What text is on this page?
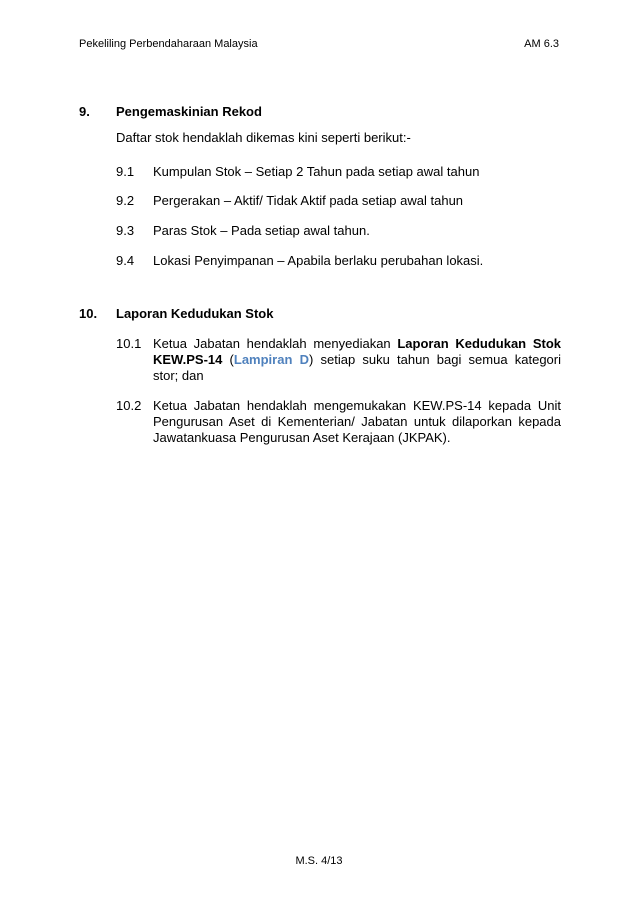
Pekeliling Perbendaharaan Malaysia	AM 6.3
9. Pengemaskinian Rekod
Daftar stok hendaklah dikemas kini seperti berikut:-
9.1 Kumpulan Stok – Setiap 2 Tahun pada setiap awal tahun
9.2 Pergerakan – Aktif/ Tidak Aktif pada setiap awal tahun
9.3 Paras Stok – Pada setiap awal tahun.
9.4 Lokasi Penyimpanan – Apabila berlaku perubahan lokasi.
10. Laporan Kedudukan Stok
10.1 Ketua Jabatan hendaklah menyediakan Laporan Kedudukan Stok KEW.PS-14 (Lampiran D) setiap suku tahun bagi semua kategori stor; dan
10.2 Ketua Jabatan hendaklah mengemukakan KEW.PS-14 kepada Unit Pengurusan Aset di Kementerian/ Jabatan untuk dilaporkan kepada Jawatankuasa Pengurusan Aset Kerajaan (JKPAK).
M.S. 4/13
